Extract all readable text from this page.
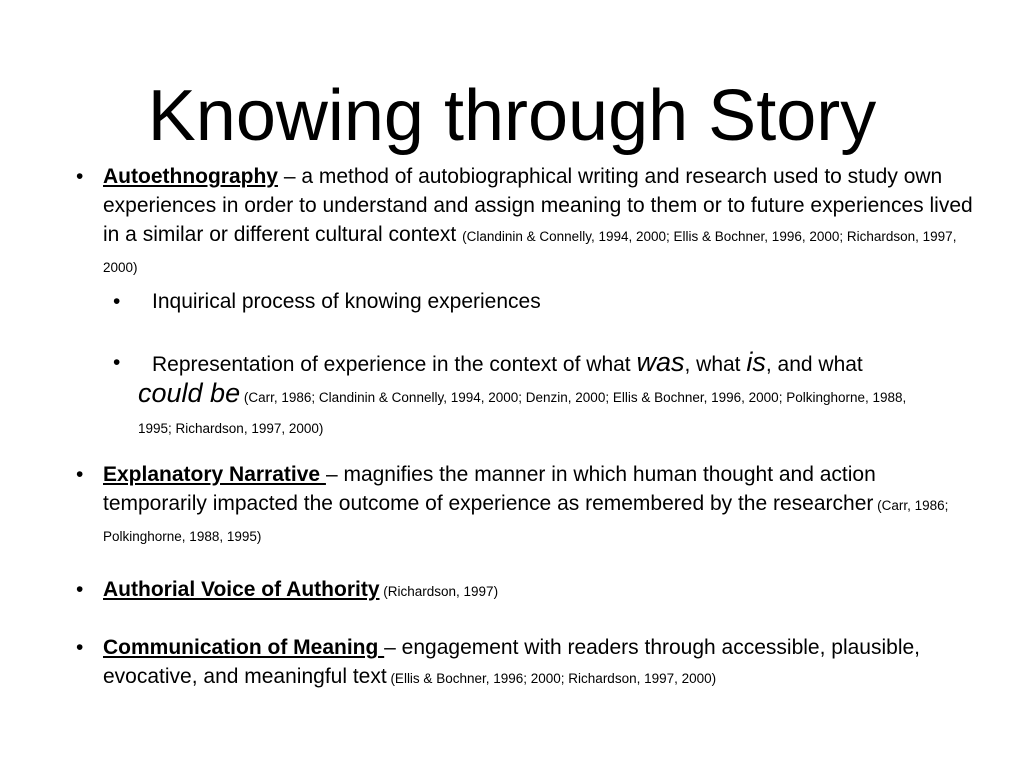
Knowing through Story
• Autoethnography – a method of autobiographical writing and research used to study own experiences in order to understand and assign meaning to them or to future experiences lived in a similar or different cultural context (Clandinin & Connelly, 1994, 2000; Ellis & Bochner, 1996, 2000; Richardson, 1997, 2000)
• Inquirical process of knowing experiences
•	Representation of experience in the context of what was, what is, and what could be (Carr, 1986; Clandinin & Connelly, 1994, 2000; Denzin, 2000; Ellis & Bochner, 1996, 2000; Polkinghorne, 1988, 1995; Richardson, 1997, 2000)
• Explanatory Narrative – magnifies the manner in which human thought and action temporarily impacted the outcome of experience as remembered by the researcher (Carr, 1986; Polkinghorne, 1988, 1995)
• Authorial Voice of Authority (Richardson, 1997)
• Communication of Meaning – engagement with readers through accessible, plausible, evocative, and meaningful text (Ellis & Bochner, 1996; 2000; Richardson, 1997, 2000)
